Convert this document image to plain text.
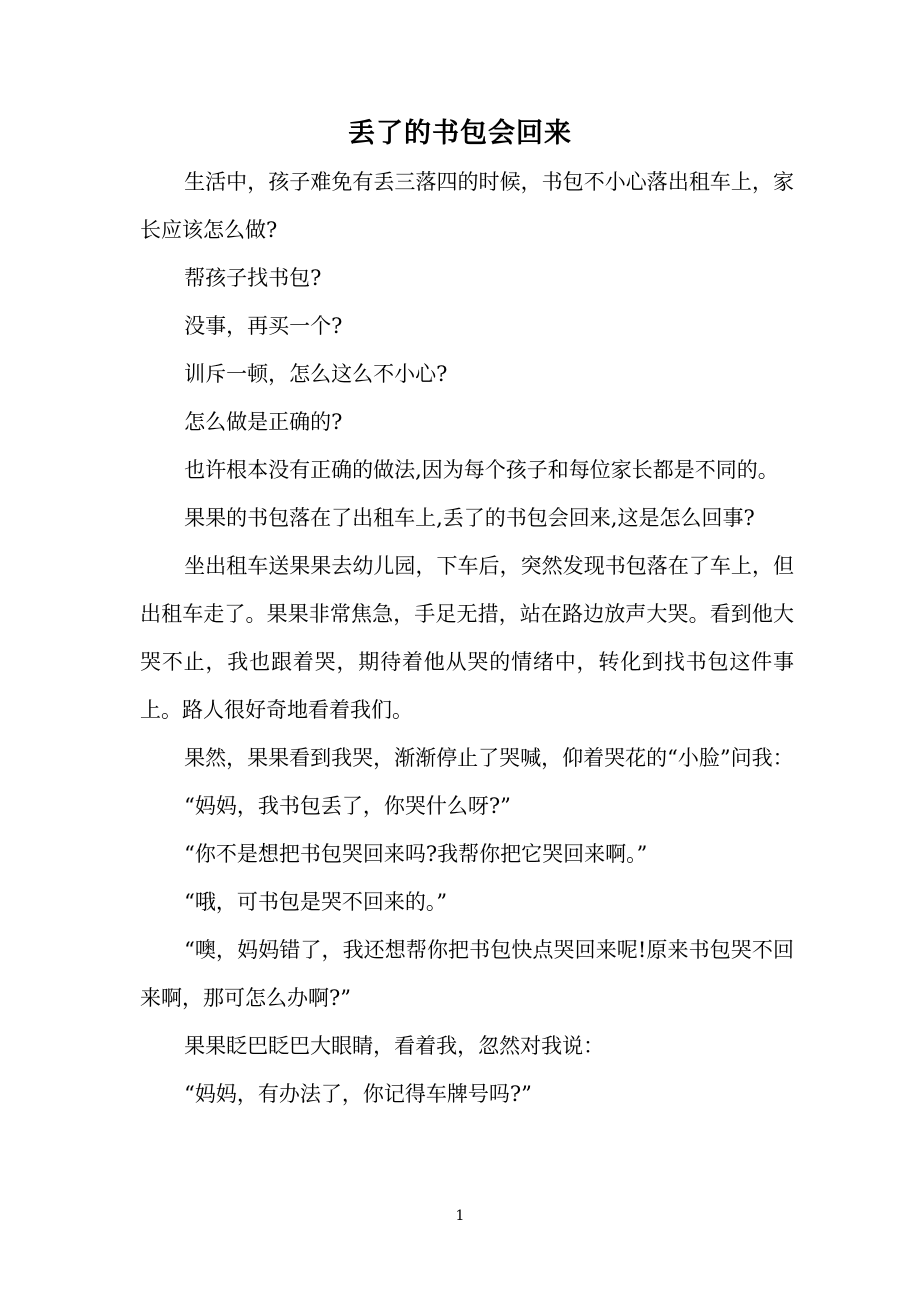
丢了的书包会回来

生活中，孩子难免有丢三落四的时候，书包不小心落出租车上，家长应该怎么做?

帮孩子找书包?

没事，再买一个?

训斥一顿，怎么这么不小心?

怎么做是正确的?

也许根本没有正确的做法,因为每个孩子和每位家长都是不同的。

果果的书包落在了出租车上,丢了的书包会回来,这是怎么回事?

坐出租车送果果去幼儿园，下车后，突然发现书包落在了车上，但出租车走了。果果非常焦急，手足无措，站在路边放声大哭。看到他大哭不止，我也跟着哭，期待着他从哭的情绪中，转化到找书包这件事上。路人很好奇地看着我们。

果然，果果看到我哭，渐渐停止了哭喊，仰着哭花的“小脸”问我：

“妈妈，我书包丢了，你哭什么呀?”

“你不是想把书包哭回来吗?我帮你把它哭回来啊。”

“哦，可书包是哭不回来的。”

“噢，妈妈错了，我还想帮你把书包快点哭回来呢!原来书包哭不回来啊，那可怎么办啊?”

果果眨巴眨巴大眼睛，看着我，忽然对我说：

“妈妈，有办法了，你记得车牌号吗?”

1
